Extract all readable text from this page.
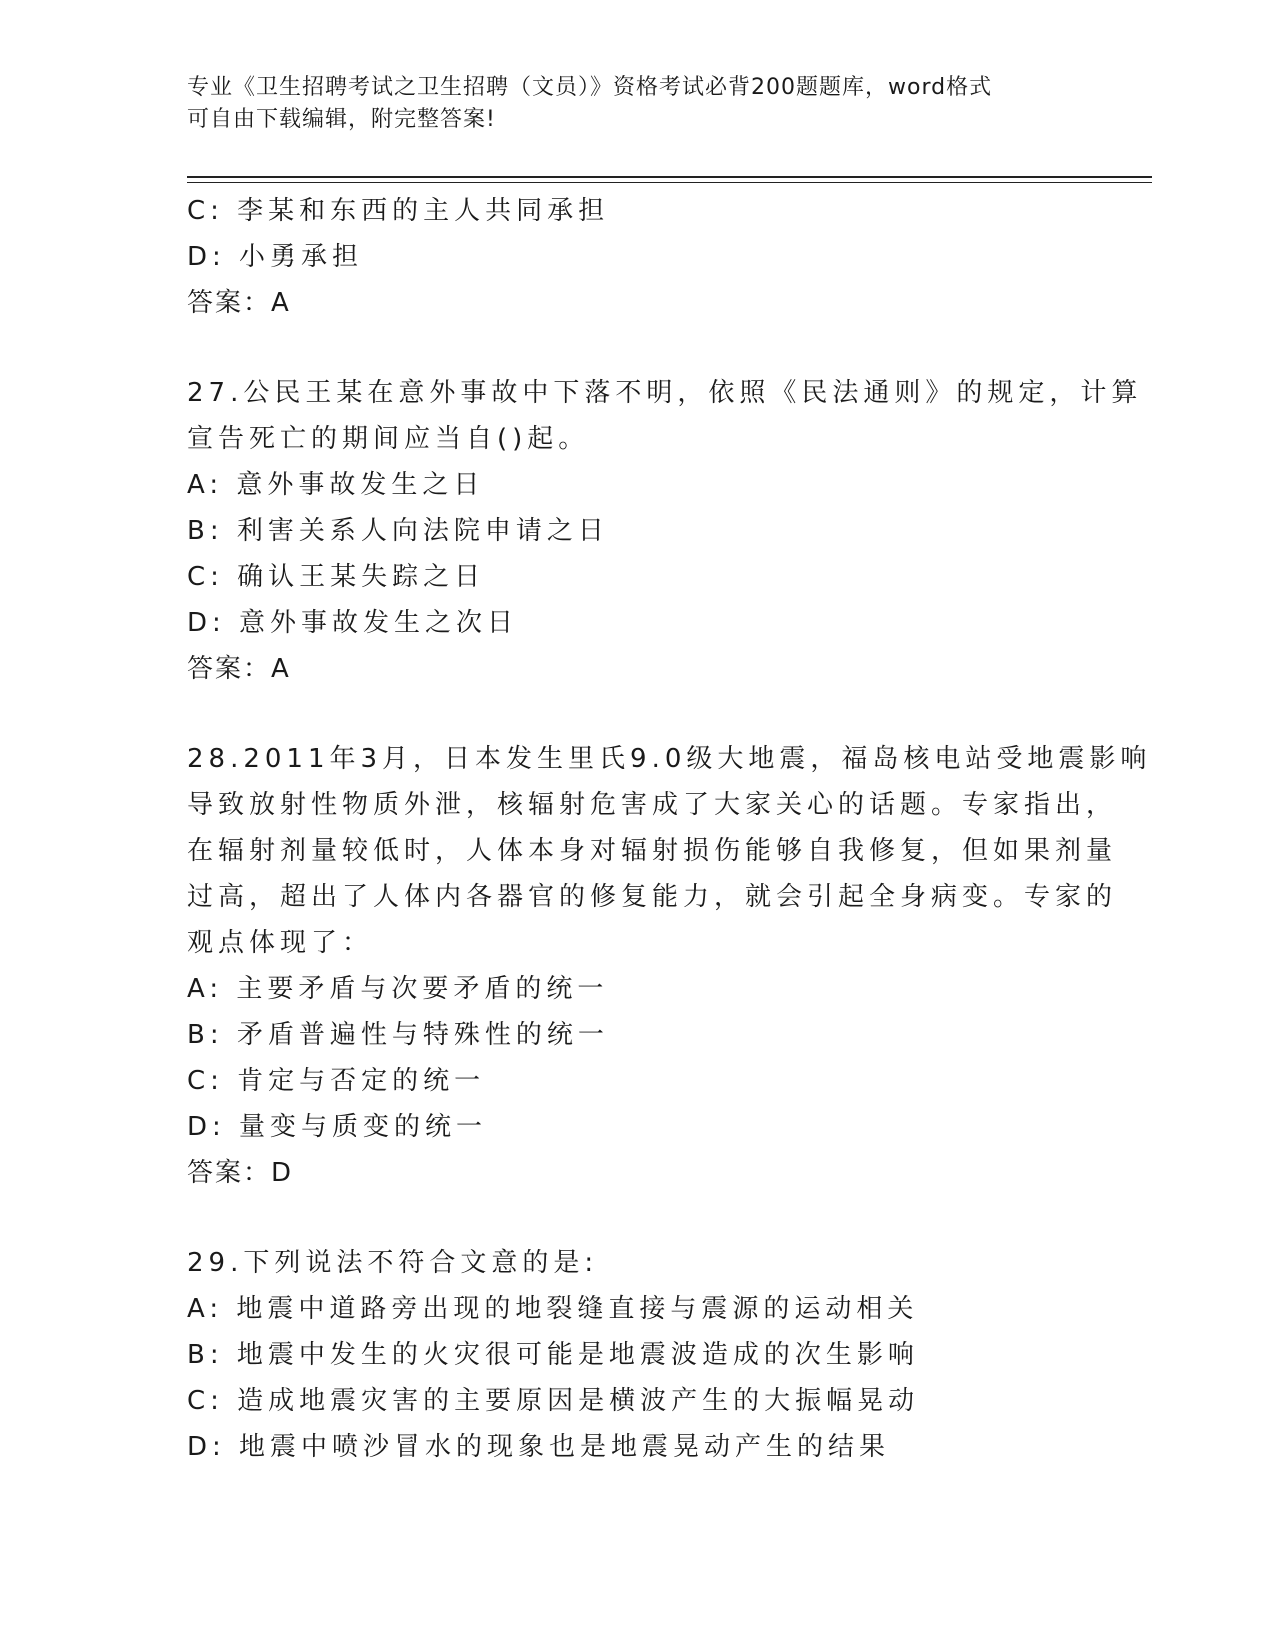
专业《卫生招聘考试之卫生招聘（文员）》资格考试必背200题题库，word格式
可自由下载编辑，附完整答案!
C: 李某和东西的主人共同承担
D: 小勇承担
答案：A
27.公民王某在意外事故中下落不明，依照《民法通则》的规定，计算
宣告死亡的期间应当自()起。
A: 意外事故发生之日
B: 利害关系人向法院申请之日
C: 确认王某失踪之日
D: 意外事故发生之次日
答案：A
28.2011年3月，日本发生里氏9.0级大地震，福岛核电站受地震影响
导致放射性物质外泄，核辐射危害成了大家关心的话题。专家指出，
在辐射剂量较低时，人体本身对辐射损伤能够自我修复，但如果剂量
过高，超出了人体内各器官的修复能力，就会引起全身病变。专家的
观点体现了：
A: 主要矛盾与次要矛盾的统一
B: 矛盾普遍性与特殊性的统一
C: 肯定与否定的统一
D: 量变与质变的统一
答案：D
29.下列说法不符合文意的是:
A: 地震中道路旁出现的地裂缝直接与震源的运动相关
B: 地震中发生的火灾很可能是地震波造成的次生影响
C: 造成地震灾害的主要原因是横波产生的大振幅晃动
D: 地震中喷沙冒水的现象也是地震晃动产生的结果
